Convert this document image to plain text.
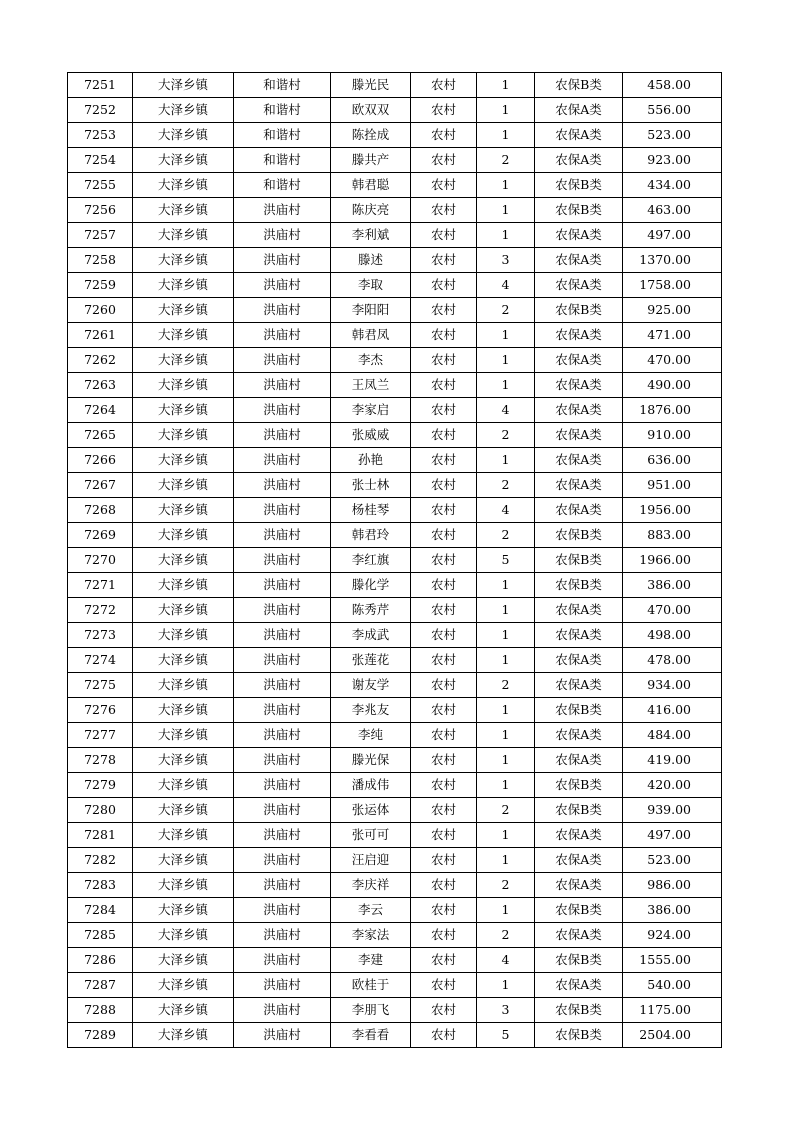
7251	大泽乡镇	和谐村	滕光民	农村	1	农保B类	458.00
7252	大泽乡镇	和谐村	欧双双	农村	1	农保A类	556.00
7253	大泽乡镇	和谐村	陈拴成	农村	1	农保A类	523.00
7254	大泽乡镇	和谐村	滕共产	农村	2	农保A类	923.00
7255	大泽乡镇	和谐村	韩君聪	农村	1	农保B类	434.00
7256	大泽乡镇	洪庙村	陈庆亮	农村	1	农保B类	463.00
7257	大泽乡镇	洪庙村	李利斌	农村	1	农保A类	497.00
7258	大泽乡镇	洪庙村	滕述	农村	3	农保A类	1370.00
7259	大泽乡镇	洪庙村	李取	农村	4	农保A类	1758.00
7260	大泽乡镇	洪庙村	李阳阳	农村	2	农保B类	925.00
7261	大泽乡镇	洪庙村	韩君凤	农村	1	农保A类	471.00
7262	大泽乡镇	洪庙村	李杰	农村	1	农保A类	470.00
7263	大泽乡镇	洪庙村	王凤兰	农村	1	农保A类	490.00
7264	大泽乡镇	洪庙村	李家启	农村	4	农保A类	1876.00
7265	大泽乡镇	洪庙村	张威威	农村	2	农保A类	910.00
7266	大泽乡镇	洪庙村	孙艳	农村	1	农保A类	636.00
7267	大泽乡镇	洪庙村	张士林	农村	2	农保A类	951.00
7268	大泽乡镇	洪庙村	杨桂琴	农村	4	农保A类	1956.00
7269	大泽乡镇	洪庙村	韩君玲	农村	2	农保B类	883.00
7270	大泽乡镇	洪庙村	李红旗	农村	5	农保B类	1966.00
7271	大泽乡镇	洪庙村	滕化学	农村	1	农保B类	386.00
7272	大泽乡镇	洪庙村	陈秀芹	农村	1	农保A类	470.00
7273	大泽乡镇	洪庙村	李成武	农村	1	农保A类	498.00
7274	大泽乡镇	洪庙村	张莲花	农村	1	农保A类	478.00
7275	大泽乡镇	洪庙村	谢友学	农村	2	农保A类	934.00
7276	大泽乡镇	洪庙村	李兆友	农村	1	农保B类	416.00
7277	大泽乡镇	洪庙村	李纯	农村	1	农保A类	484.00
7278	大泽乡镇	洪庙村	滕光保	农村	1	农保A类	419.00
7279	大泽乡镇	洪庙村	潘成伟	农村	1	农保B类	420.00
7280	大泽乡镇	洪庙村	张运体	农村	2	农保B类	939.00
7281	大泽乡镇	洪庙村	张可可	农村	1	农保A类	497.00
7282	大泽乡镇	洪庙村	汪启迎	农村	1	农保A类	523.00
7283	大泽乡镇	洪庙村	李庆祥	农村	2	农保A类	986.00
7284	大泽乡镇	洪庙村	李云	农村	1	农保B类	386.00
7285	大泽乡镇	洪庙村	李家法	农村	2	农保A类	924.00
7286	大泽乡镇	洪庙村	李建	农村	4	农保B类	1555.00
7287	大泽乡镇	洪庙村	欧桂于	农村	1	农保A类	540.00
7288	大泽乡镇	洪庙村	李朋飞	农村	3	农保B类	1175.00
7289	大泽乡镇	洪庙村	李看看	农村	5	农保B类	2504.00
